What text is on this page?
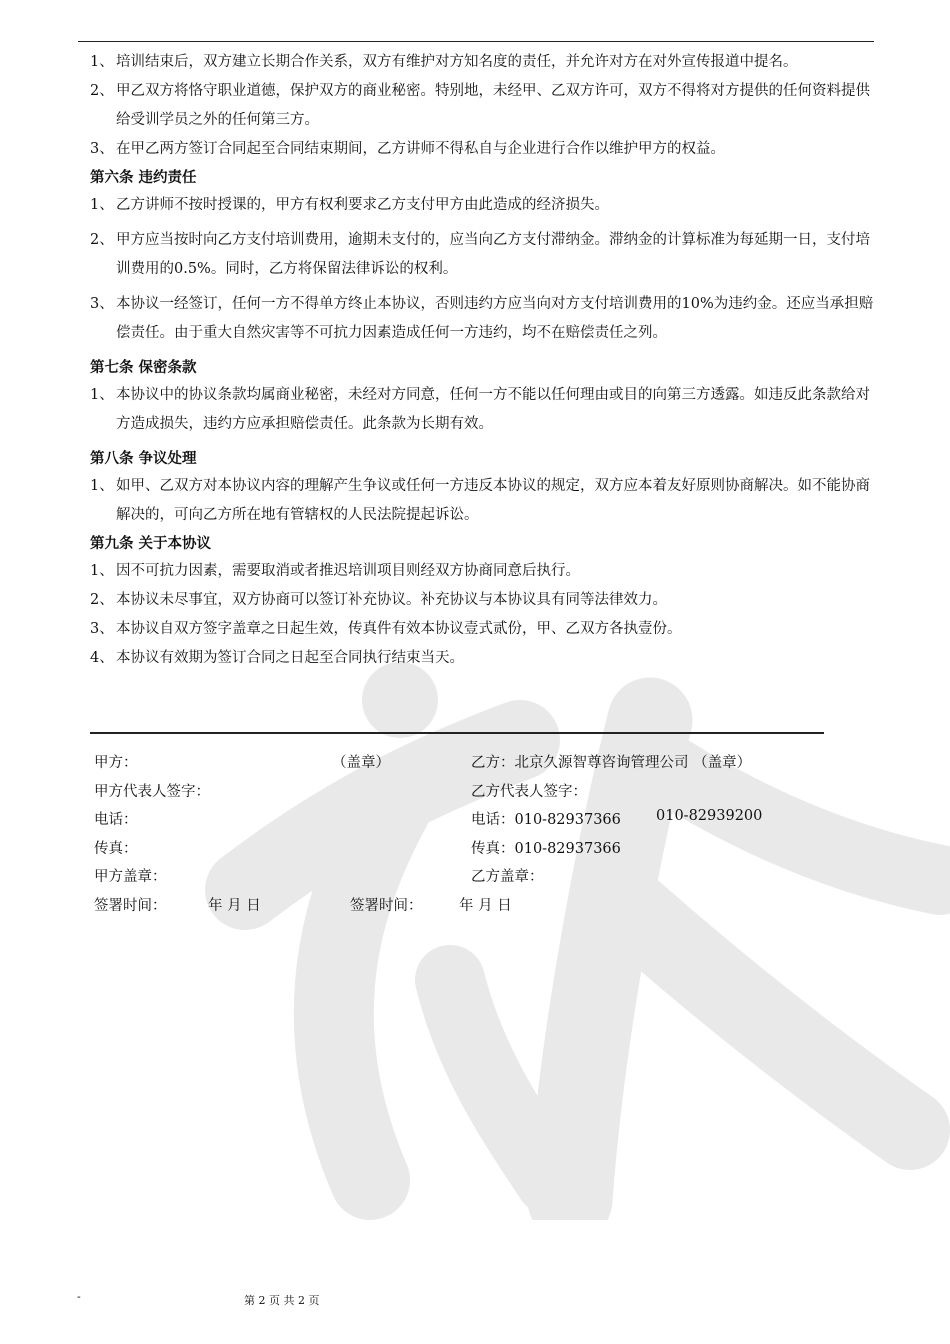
1、 培训结束后，双方建立长期合作关系，双方有维护对方知名度的责任，并允许对方在对外宣传报道中提名。

2、 甲乙双方将恪守职业道德，保护双方的商业秘密。特别地，未经甲、乙双方许可，双方不得将对方提供的任何资料提供给受训学员之外的任何第三方。

3、 在甲乙两方签订合同起至合同结束期间，乙方讲师不得私自与企业进行合作以维护甲方的权益。

第六条 违约责任

1、 乙方讲师不按时授课的，甲方有权利要求乙方支付甲方由此造成的经济损失。

2、 甲方应当按时向乙方支付培训费用，逾期未支付的，应当向乙方支付滞纳金。滞纳金的计算标准为每延期一日，支付培训费用的0.5%。同时，乙方将保留法律诉讼的权利。

3、 本协议一经签订，任何一方不得单方终止本协议，否则违约方应当向对方支付培训费用的10%为违约金。还应当承担赔偿责任。由于重大自然灾害等不可抗力因素造成任何一方违约，均不在赔偿责任之列。

第七条 保密条款

1、 本协议中的协议条款均属商业秘密，未经对方同意，任何一方不能以任何理由或目的向第三方透露。如违反此条款给对方造成损失，违约方应承担赔偿责任。此条款为长期有效。

第八条 争议处理

1、 如甲、乙双方对本协议内容的理解产生争议或任何一方违反本协议的规定，双方应本着友好原则协商解决。如不能协商解决的，可向乙方所在地有管辖权的人民法院提起诉讼。

第九条 关于本协议

1、 因不可抗力因素，需要取消或者推迟培训项目则经双方协商同意后执行。

2、 本协议未尽事宜，双方协商可以签订补充协议。补充协议与本协议具有同等法律效力。

3、 本协议自双方签字盖章之日起生效，传真件有效本协议壹式贰份，甲、乙双方各执壹份。

4、 本协议有效期为签订合同之日起至合同执行结束当天。

甲方：	（盖章）	乙方：北京久源智尊咨询管理公司 （盖章）
甲方代表人签字：	乙方代表人签字：
电话：	电话：010-82937366 010-82939200
传真：	传真：010-82937366
甲方盖章：	乙方盖章：
签署时间：	年 月 日	签署时间：	年 月 日
-	第 2 页 共 2 页
